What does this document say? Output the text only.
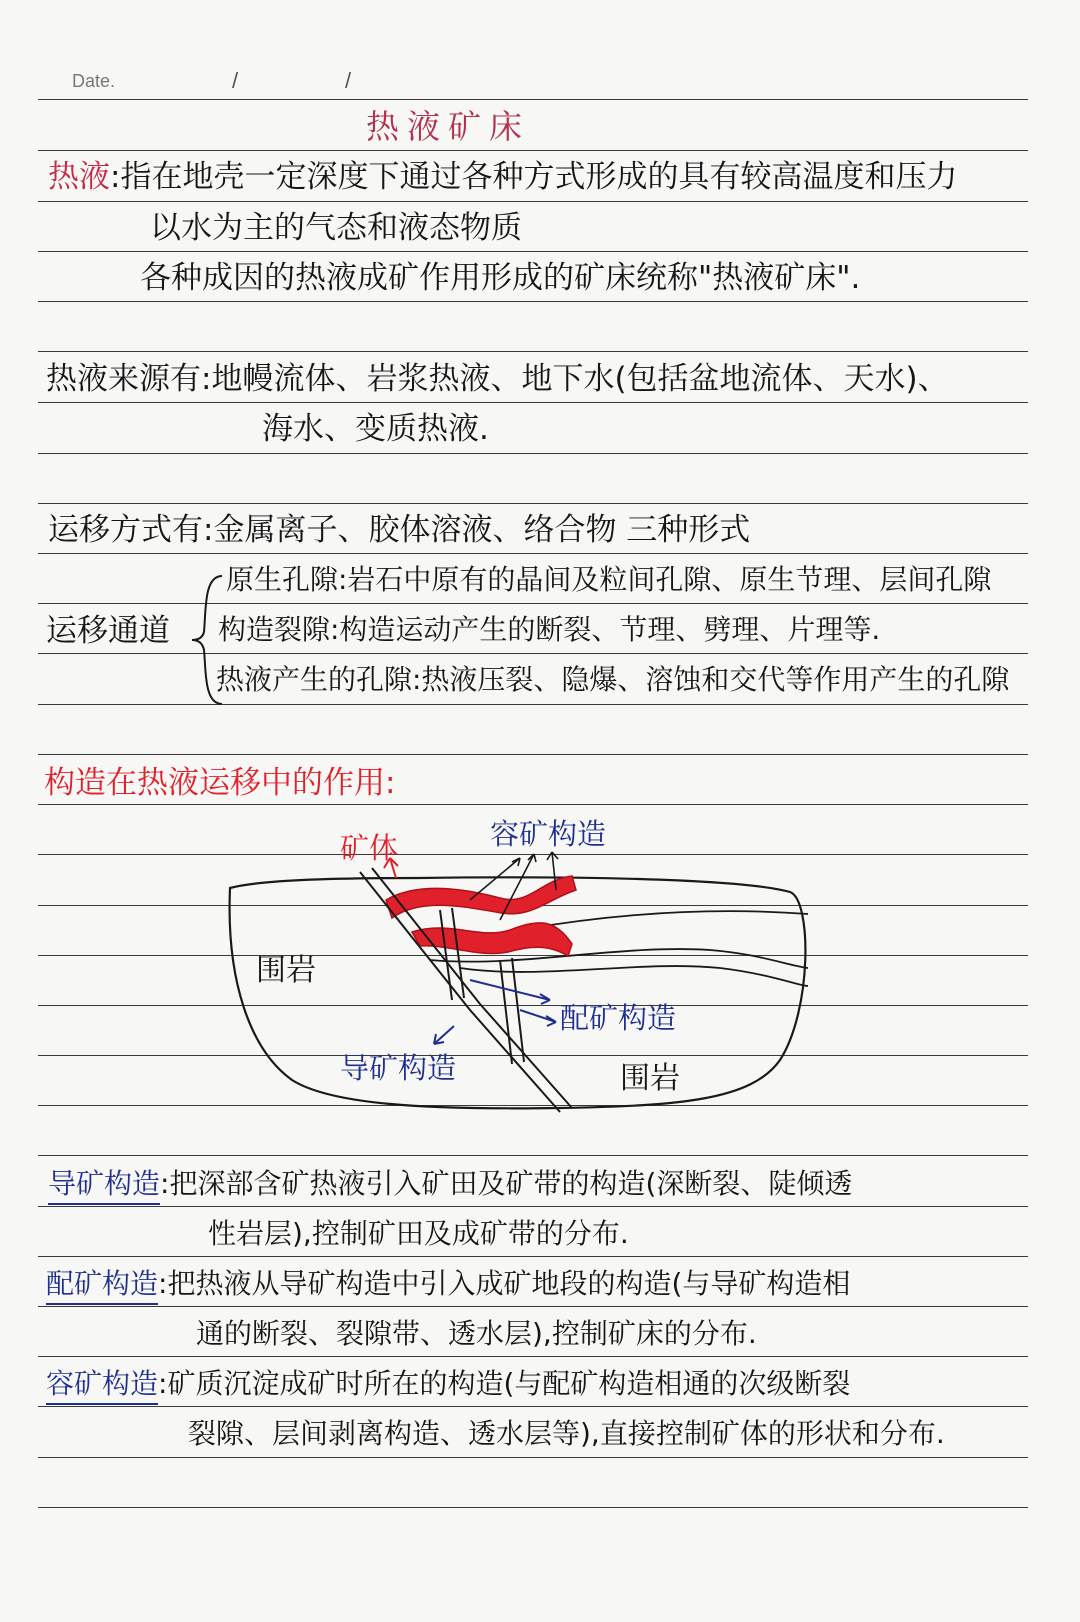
Date.	/	/
热液矿床
热液:指在地壳一定深度下通过各种方式形成的具有较高温度和压力
以水为主的气态和液态物质
各种成因的热液成矿作用形成的矿床统称"热液矿床".
热液来源有:地幔流体、岩浆热液、地下水(包括盆地流体、天水)、
海水、变质热液.
运移方式有:金属离子、胶体溶液、络合物 三种形式
运移通道
原生孔隙:岩石中原有的晶间及粒间孔隙、原生节理、层间孔隙
构造裂隙:构造运动产生的断裂、节理、劈理、片理等.
热液产生的孔隙:热液压裂、隐爆、溶蚀和交代等作用产生的孔隙
构造在热液运移中的作用:
矿体	容矿构造
围岩
配矿构造
导矿构造	围岩
导矿构造:把深部含矿热液引入矿田及矿带的构造(深断裂、陡倾透
性岩层),控制矿田及成矿带的分布.
配矿构造:把热液从导矿构造中引入成矿地段的构造(与导矿构造相
通的断裂、裂隙带、透水层),控制矿床的分布.
容矿构造:矿质沉淀成矿时所在的构造(与配矿构造相通的次级断裂
裂隙、层间剥离构造、透水层等),直接控制矿体的形状和分布.
